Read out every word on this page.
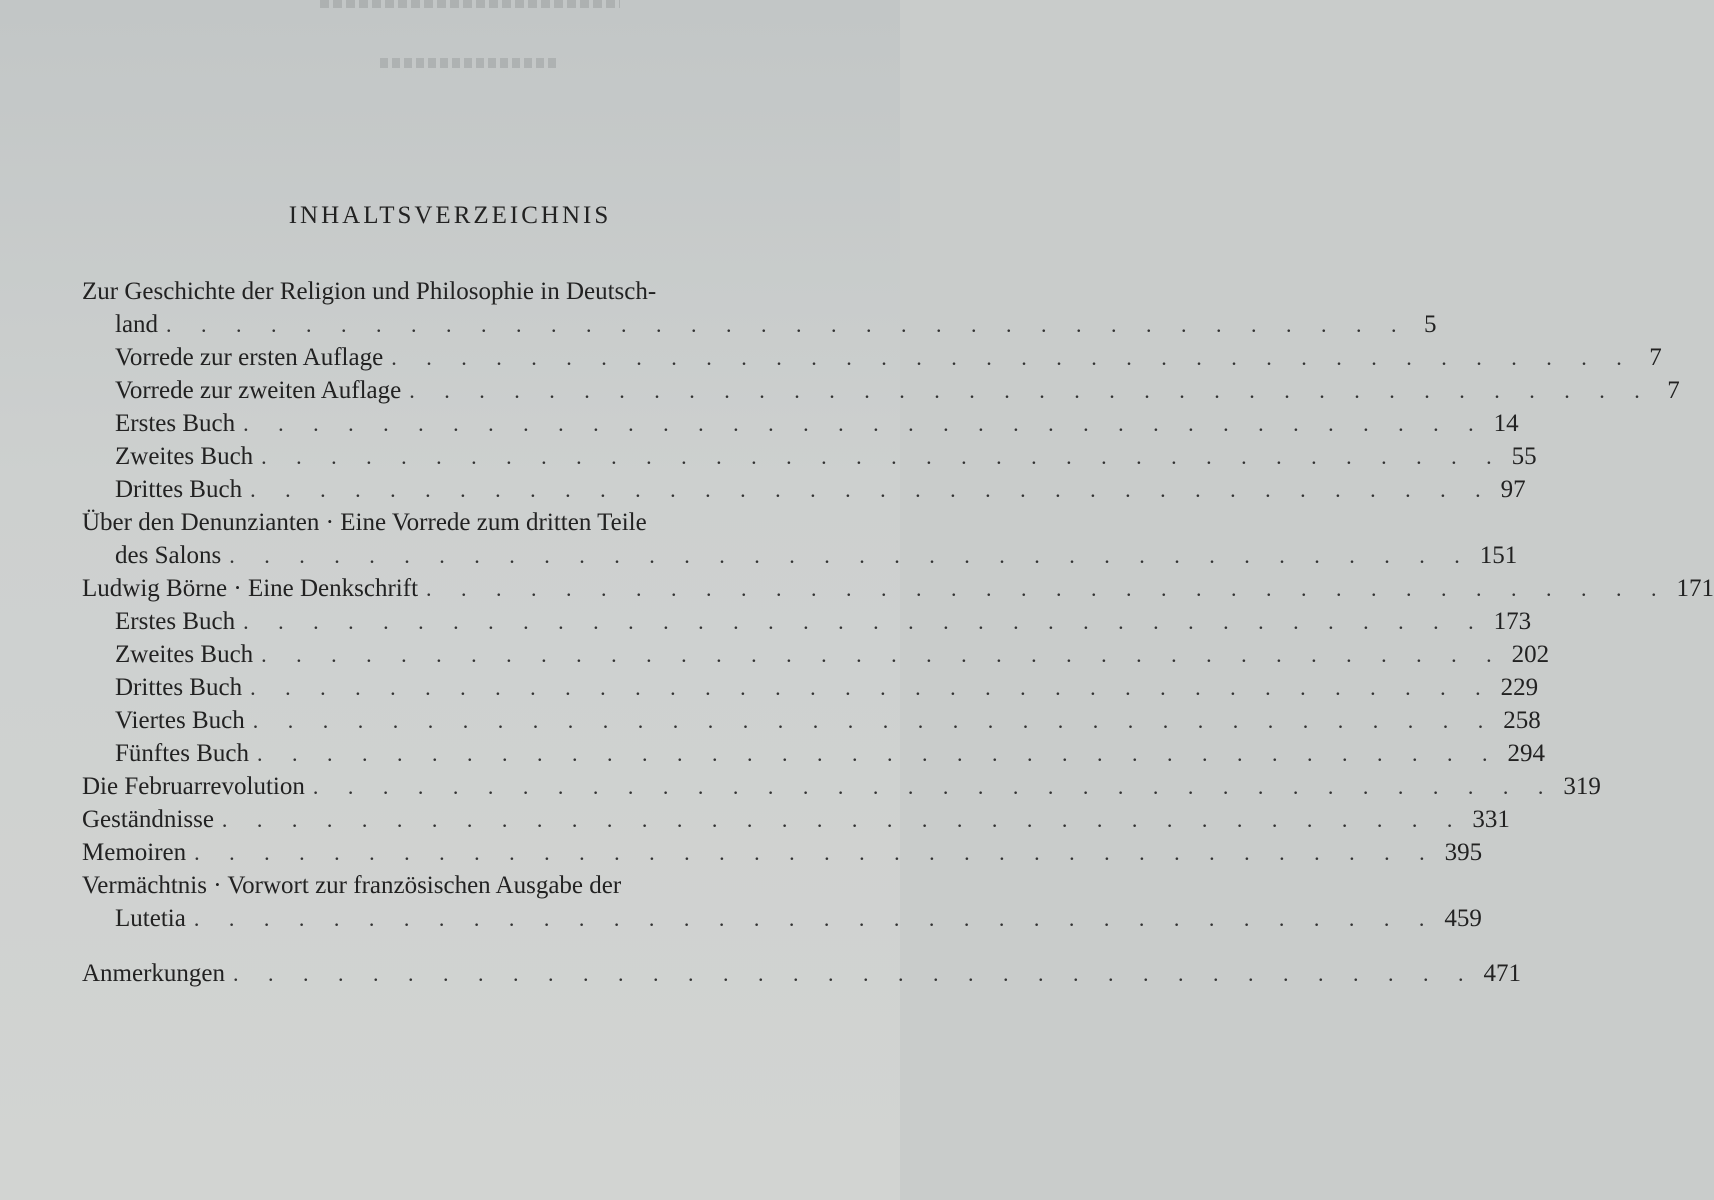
INHALTSVERZEICHNIS
Zur Geschichte der Religion und Philosophie in Deutsch-
land . . . . . . . . . . . . . . . . . . . . . . . . . . . . . . . . . . . . 5
Vorrede zur ersten Auflage . . . . . . . . . . . . . . . . . . . . . . . . . . . . . . . . . . . . 7
Vorrede zur zweiten Auflage . . . . . . . . . . . . . . . . . . . . . . . . . . . . . . . . . . . . 7
Erstes Buch . . . . . . . . . . . . . . . . . . . . . . . . . . . . . . . . . . . . 14
Zweites Buch . . . . . . . . . . . . . . . . . . . . . . . . . . . . . . . . . . . . 55
Drittes Buch . . . . . . . . . . . . . . . . . . . . . . . . . . . . . . . . . . . . 97
Über den Denunzianten · Eine Vorrede zum dritten Teile
des Salons . . . . . . . . . . . . . . . . . . . . . . . . . . . . . . . . . . . . 151
Ludwig Börne · Eine Denkschrift . . . . . . . . . . . . . . . . . . . . . . . . . . . . . . . . . . . . 171
Erstes Buch . . . . . . . . . . . . . . . . . . . . . . . . . . . . . . . . . . . . 173
Zweites Buch . . . . . . . . . . . . . . . . . . . . . . . . . . . . . . . . . . . . 202
Drittes Buch . . . . . . . . . . . . . . . . . . . . . . . . . . . . . . . . . . . . 229
Viertes Buch . . . . . . . . . . . . . . . . . . . . . . . . . . . . . . . . . . . . 258
Fünftes Buch . . . . . . . . . . . . . . . . . . . . . . . . . . . . . . . . . . . . 294
Die Februarrevolution . . . . . . . . . . . . . . . . . . . . . . . . . . . . . . . . . . . . 319
Geständnisse . . . . . . . . . . . . . . . . . . . . . . . . . . . . . . . . . . . . 331
Memoiren . . . . . . . . . . . . . . . . . . . . . . . . . . . . . . . . . . . . 395
Vermächtnis · Vorwort zur französischen Ausgabe der
Lutetia . . . . . . . . . . . . . . . . . . . . . . . . . . . . . . . . . . . . 459
Anmerkungen . . . . . . . . . . . . . . . . . . . . . . . . . . . . . . . . . . . . 471
